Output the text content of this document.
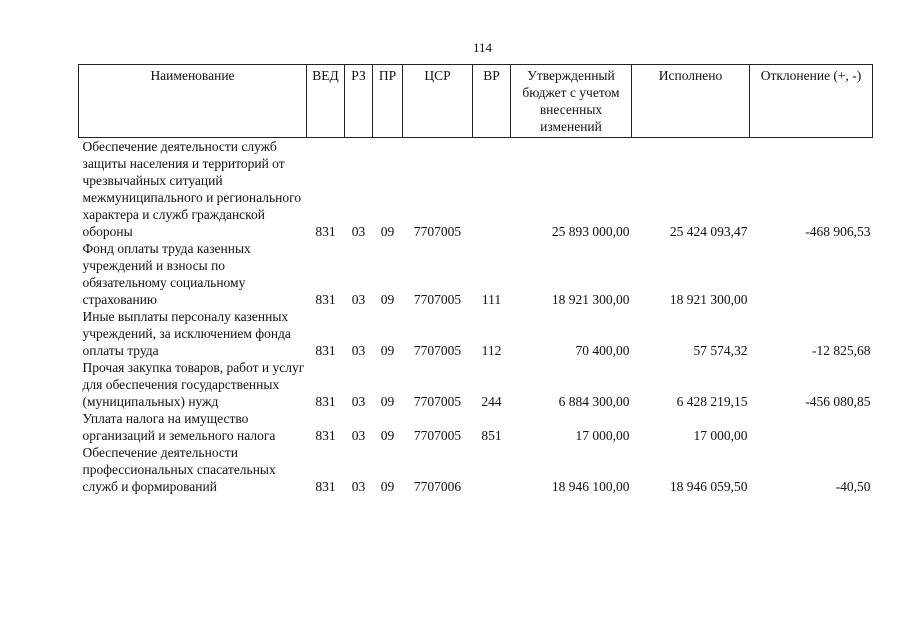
114
Наименование	ВЕД	РЗ	ПР	ЦСР	ВР	Утвержденный бюджет с учетом внесенных изменений	Исполнено	Отклонение (+, -)
Обеспечение деятельности служб защиты населения и территорий от чрезвычайных ситуаций межмуниципального и регионального характера и служб гражданской обороны	831	03	09	7707005		25 893 000,00	25 424 093,47	-468 906,53
Фонд оплаты труда казенных учреждений и взносы по обязательному социальному страхованию	831	03	09	7707005	111	18 921 300,00	18 921 300,00	
Иные выплаты персоналу казенных учреждений, за исключением фонда оплаты труда	831	03	09	7707005	112	70 400,00	57 574,32	-12 825,68
Прочая закупка товаров, работ и услуг для обеспечения государственных (муниципальных) нужд	831	03	09	7707005	244	6 884 300,00	6 428 219,15	-456 080,85
Уплата налога на имущество организаций и земельного налога	831	03	09	7707005	851	17 000,00	17 000,00	
Обеспечение деятельности профессиональных спасательных служб и формирований	831	03	09	7707006		18 946 100,00	18 946 059,50	-40,50
